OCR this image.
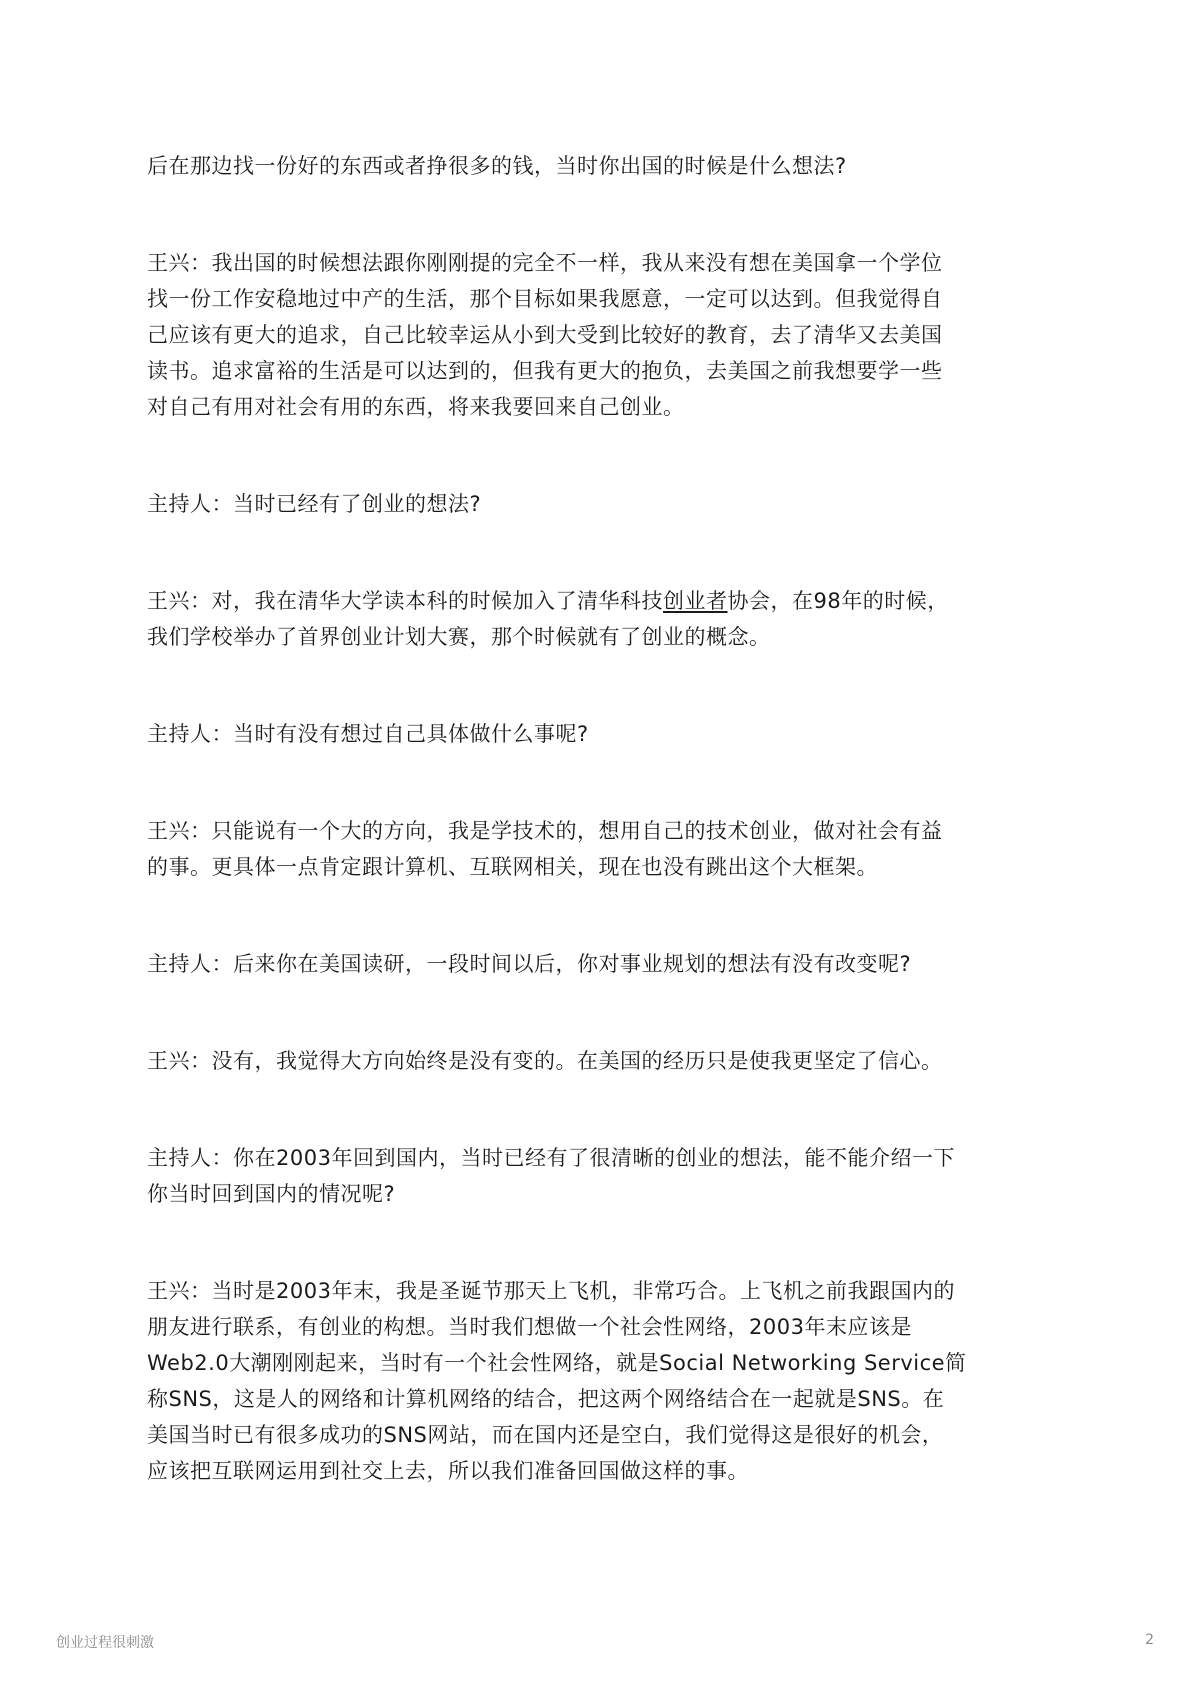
后在那边找一份好的东西或者挣很多的钱，当时你出国的时候是什么想法?

王兴：我出国的时候想法跟你刚刚提的完全不一样，我从来没有想在美国拿一个学位
找一份工作安稳地过中产的生活，那个目标如果我愿意，一定可以达到。但我觉得自
己应该有更大的追求，自己比较幸运从小到大受到比较好的教育，去了清华又去美国
读书。追求富裕的生活是可以达到的，但我有更大的抱负，去美国之前我想要学一些
对自己有用对社会有用的东西，将来我要回来自己创业。

主持人：当时已经有了创业的想法?

王兴：对，我在清华大学读本科的时候加入了清华科技创业者协会，在98年的时候，
我们学校举办了首界创业计划大赛，那个时候就有了创业的概念。

主持人：当时有没有想过自己具体做什么事呢?

王兴：只能说有一个大的方向，我是学技术的，想用自己的技术创业，做对社会有益
的事。更具体一点肯定跟计算机、互联网相关，现在也没有跳出这个大框架。

主持人：后来你在美国读研，一段时间以后，你对事业规划的想法有没有改变呢?

王兴：没有，我觉得大方向始终是没有变的。在美国的经历只是使我更坚定了信心。

主持人：你在2003年回到国内，当时已经有了很清晰的创业的想法，能不能介绍一下
你当时回到国内的情况呢?

王兴：当时是2003年末，我是圣诞节那天上飞机，非常巧合。上飞机之前我跟国内的
朋友进行联系，有创业的构想。当时我们想做一个社会性网络，2003年末应该是
Web2.0大潮刚刚起来，当时有一个社会性网络，就是Social Networking Service简
称SNS，这是人的网络和计算机网络的结合，把这两个网络结合在一起就是SNS。在
美国当时已有很多成功的SNS网站，而在国内还是空白，我们觉得这是很好的机会，
应该把互联网运用到社交上去，所以我们准备回国做这样的事。

创业过程很刺激	2
